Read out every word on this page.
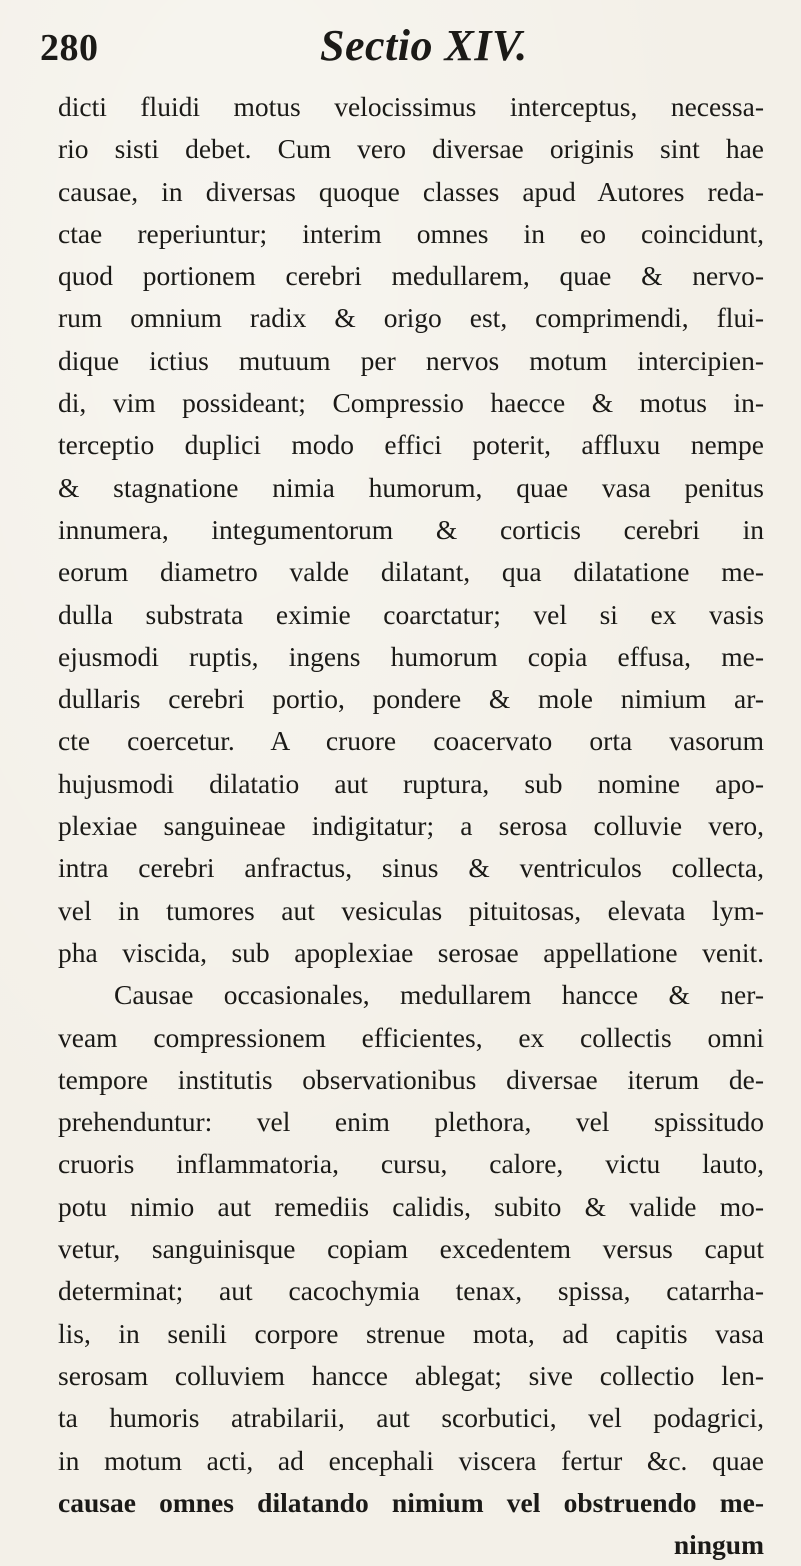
280	Sectio XIV.
dicti fluidi motus velocissimus interceptus, necessa-
rio sisti debet. Cum vero diversae originis sint hae
causae, in diversas quoque classes apud Autores reda-
ctae reperiuntur; interim omnes in eo coincidunt,
quod portionem cerebri medullarem, quae & nervo-
rum omnium radix & origo est, comprimendi, flui-
dique ictius mutuum per nervos motum intercipien-
di, vim possideant; Compressio haecce & motus in-
terceptio duplici modo effici poterit, affluxu nempe
& stagnatione nimia humorum, quae vasa penitus
innumera, integumentorum & corticis cerebri in
eorum diametro valde dilatant, qua dilatatione me-
dulla substrata eximie coarctatur; vel si ex vasis
ejusmodi ruptis, ingens humorum copia effusa, me-
dullaris cerebri portio, pondere & mole nimium ar-
cte coercetur. A cruore coacervato orta vasorum
hujusmodi dilatatio aut ruptura, sub nomine apo-
plexiae sanguineae indigitatur; a serosa colluvie vero,
intra cerebri anfractus, sinus & ventriculos collecta,
vel in tumores aut vesiculas pituitosas, elevata lym-
pha viscida, sub apoplexiae serosae appellatione venit.
Causae occasionales, medullarem hancce & ner-
veam compressionem efficientes, ex collectis omni
tempore institutis observationibus diversae iterum de-
prehenduntur: vel enim plethora, vel spissitudo
cruoris inflammatoria, cursu, calore, victu lauto,
potu nimio aut remediis calidis, subito & valide mo-
vetur, sanguinisque copiam excedentem versus caput
determinat; aut cacochymia tenax, spissa, catarrha-
lis, in senili corpore strenue mota, ad capitis vasa
serosam colluviem hancce ablegat; sive collectio len-
ta humoris atrabilarii, aut scorbutici, vel podagrici,
in motum acti, ad encephali viscera fertur &c. quae
causae omnes dilatando nimium vel obstruendo me-
ningum
